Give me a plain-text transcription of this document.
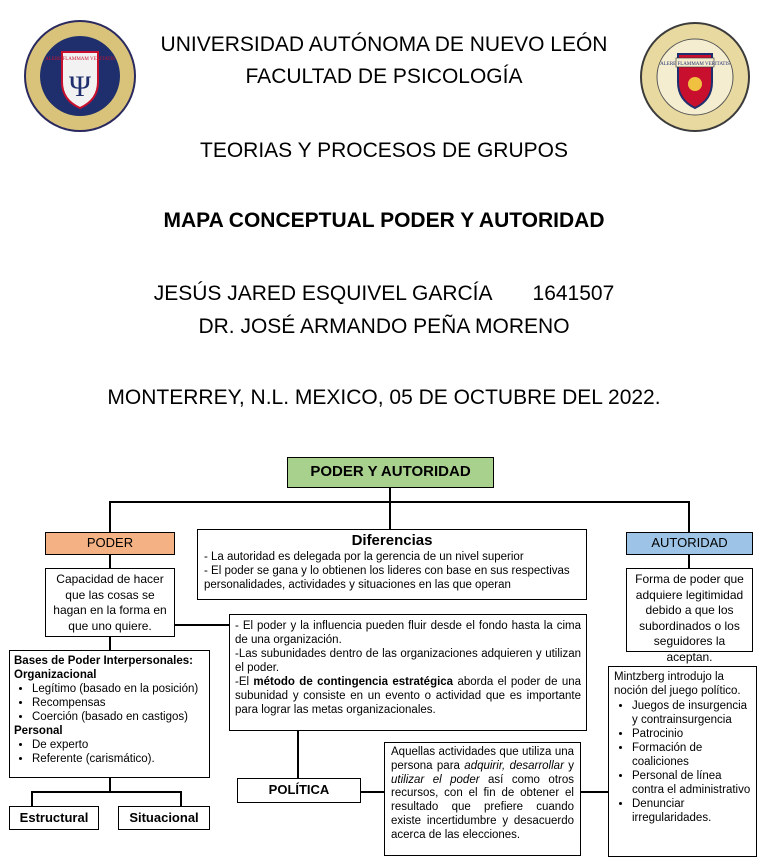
ALERE FLAMMAM VERITATIS
Ψ
UNIVERSIDAD AUTÓNOMA DE NUEVO LEÓN
FACULTAD DE PSICOLOGÍA
ALERE FLAMMAM VERITATIS
TEORIAS Y PROCESOS DE GRUPOS
MAPA CONCEPTUAL PODER Y AUTORIDAD
JESÚS JARED ESQUIVEL GARCÍA 1641507
DR. JOSÉ ARMANDO PEÑA MORENO
MONTERREY, N.L. MEXICO, 05 DE OCTUBRE DEL 2022.
PODER Y AUTORIDAD
PODER	AUTORIDAD
Diferencias
- La autoridad es delegada por la gerencia de un nivel superior
- El poder se gana y lo obtienen los lideres con base en sus respectivas personalidades, actividades y situaciones en las que operan
Capacidad de hacer que las cosas se hagan en la forma en que uno quiere.
Forma de poder que adquiere legitimidad debido a que los subordinados o los seguidores la aceptan.
- El poder y la influencia pueden fluir desde el fondo hasta la cima de una organización.
-Las subunidades dentro de las organizaciones adquieren y utilizan el poder.
-El método de contingencia estratégica aborda el poder de una subunidad y consiste en un evento o actividad que es importante para lograr las metas organizacionales.
Bases de Poder Interpersonales:
Organizacional
• Legítimo (basado en la posición)
• Recompensas
• Coerción (basado en castigos)
Personal
• De experto
• Referente (carismático).
Estructural	Situacional
POLÍTICA
Aquellas actividades que utiliza una persona para adquirir, desarrollar y utilizar el poder así como otros recursos, con el fin de obtener el resultado que prefiere cuando existe incertidumbre y desacuerdo acerca de las elecciones.
Mintzberg introdujo la noción del juego político.
• Juegos de insurgencia y contrainsurgencia
• Patrocinio
• Formación de coaliciones
• Personal de línea contra el administrativo
• Denunciar irregularidades.
